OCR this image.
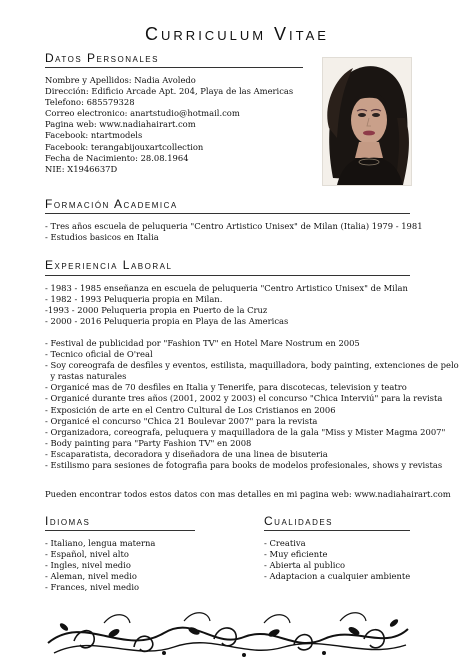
Curriculum Vitae
Datos Personales
Nombre y Apellidos: Nadia Avoledo
Dirección: Edificio Arcade Apt. 204, Playa de las Americas
Telefono: 685579328
Correo electronico: anartstudio@hotmail.com
Pagina web: www.nadiahairart.com
Facebook: ntartmodels
Facebook: terangabijouxartcollection
Fecha de Nacimiento: 28.08.1964
NIE: X1946637D
Formación Academica
- Tres años escuela de peluqueria "Centro Artistico Unisex" de Milan (Italia) 1979 - 1981
- Estudios basicos en Italia
Experiencia Laboral
- 1983 - 1985 enseñanza en escuela de peluqueria "Centro Artistico Unisex" de Milan
- 1982 - 1993 Peluqueria propia en Milan.
-1993 - 2000 Peluqueria propia en Puerto de la Cruz
- 2000 - 2016 Peluqueria propia en Playa de las Americas
- Festival de publicidad por "Fashion TV" en Hotel Mare Nostrum en 2005
- Tecnico oficial de O'real
- Soy coreografa de desfiles y eventos, estilista, maquilladora, body painting, extenciones de pelo
y rastas naturales
- Organicé mas de 70 desfiles en Italia y Tenerife, para discotecas, television y teatro
- Organicé durante tres años (2001, 2002 y 2003) el concurso "Chica Interviú" para la revista
- Exposición de arte en el Centro Cultural de Los Cristianos en 2006
- Organicé el concurso "Chica 21 Boulevar 2007" para la revista
- Organizadora, coreografa, peluquera y maquilladora de la gala "Miss y Mister Magma 2007"
- Body painting para "Party Fashion TV" en 2008
- Escaparatista, decoradora y diseñadora de una linea de bisuteria
- Estilismo para sesiones de fotografia para books de modelos profesionales, shows y revistas
Pueden encontrar todos estos datos con mas detalles en mi pagina web: www.nadiahairart.com
Idiomas
- Italiano, lengua materna
- Español, nivel alto
- Ingles, nivel medio
- Aleman, nivel medio
- Frances, nivel medio
Cualidades
- Creativa
- Muy eficiente
- Abierta al publico
- Adaptacion a cualquier ambiente
